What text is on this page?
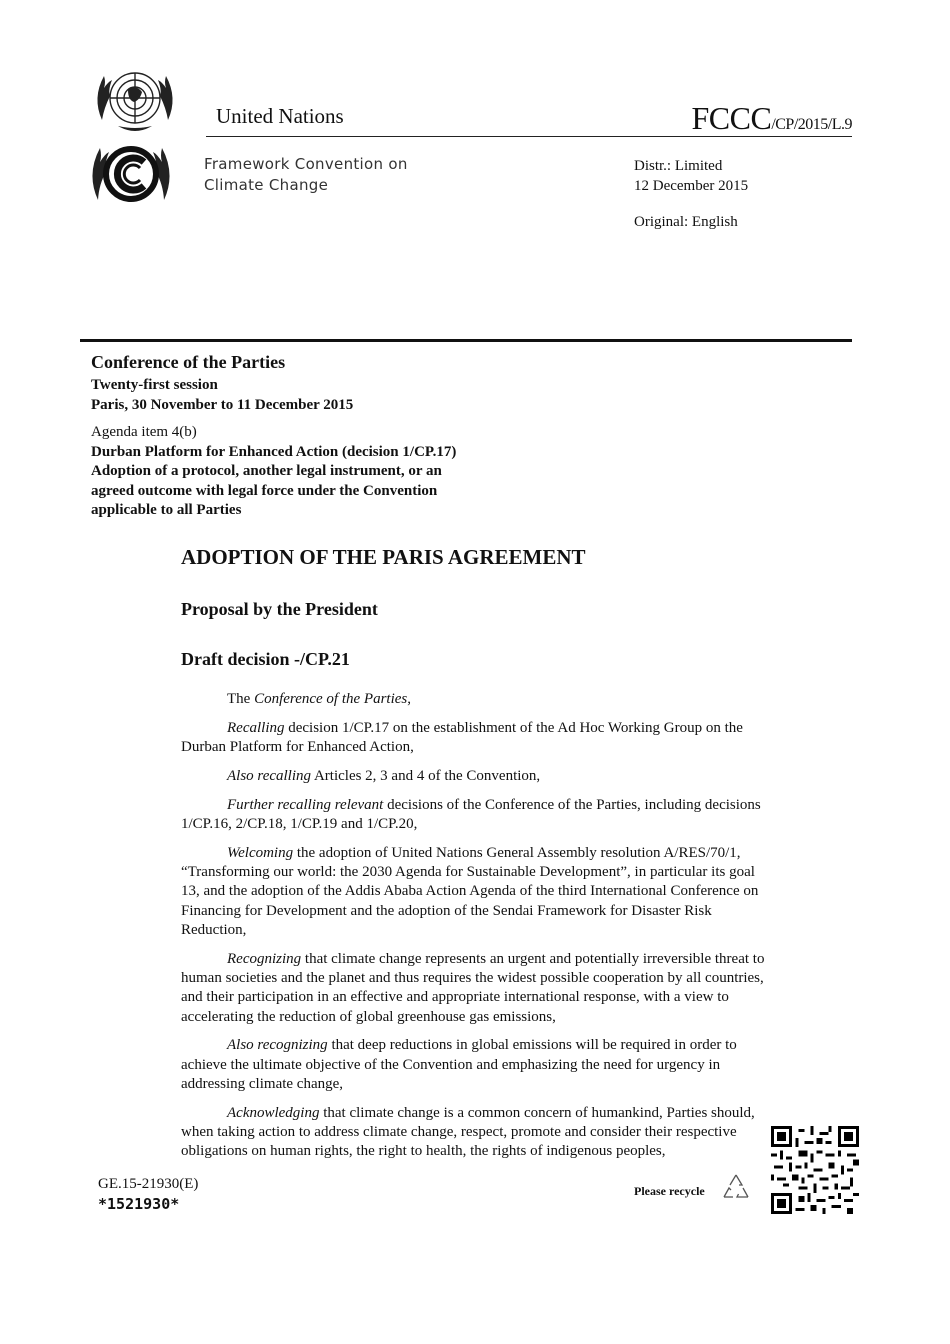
United Nations	FCCC/CP/2015/L.9
Framework Convention on
Climate Change
Distr.: Limited
12 December 2015
Original: English
Conference of the Parties
Twenty-first session
Paris, 30 November to 11 December 2015
Agenda item 4(b)
Durban Platform for Enhanced Action (decision 1/CP.17)
Adoption of a protocol, another legal instrument, or an
agreed outcome with legal force under the Convention
applicable to all Parties
ADOPTION OF THE PARIS AGREEMENT
Proposal by the President
Draft decision -/CP.21

The Conference of the Parties,

Recalling decision 1/CP.17 on the establishment of the Ad Hoc Working Group on the Durban Platform for Enhanced Action,

Also recalling Articles 2, 3 and 4 of the Convention,

Further recalling relevant decisions of the Conference of the Parties, including decisions 1/CP.16, 2/CP.18, 1/CP.19 and 1/CP.20,

Welcoming the adoption of United Nations General Assembly resolution A/RES/70/1, “Transforming our world: the 2030 Agenda for Sustainable Development”, in particular its goal 13, and the adoption of the Addis Ababa Action Agenda of the third International Conference on Financing for Development and the adoption of the Sendai Framework for Disaster Risk Reduction,

Recognizing that climate change represents an urgent and potentially irreversible threat to human societies and the planet and thus requires the widest possible cooperation by all countries, and their participation in an effective and appropriate international response, with a view to accelerating the reduction of global greenhouse gas emissions,

Also recognizing that deep reductions in global emissions will be required in order to achieve the ultimate objective of the Convention and emphasizing the need for urgency in addressing climate change,

Acknowledging that climate change is a common concern of humankind, Parties should, when taking action to address climate change, respect, promote and consider their respective obligations on human rights, the right to health, the rights of indigenous peoples,

GE.15-21930(E)
*1521930*
Please recycle
